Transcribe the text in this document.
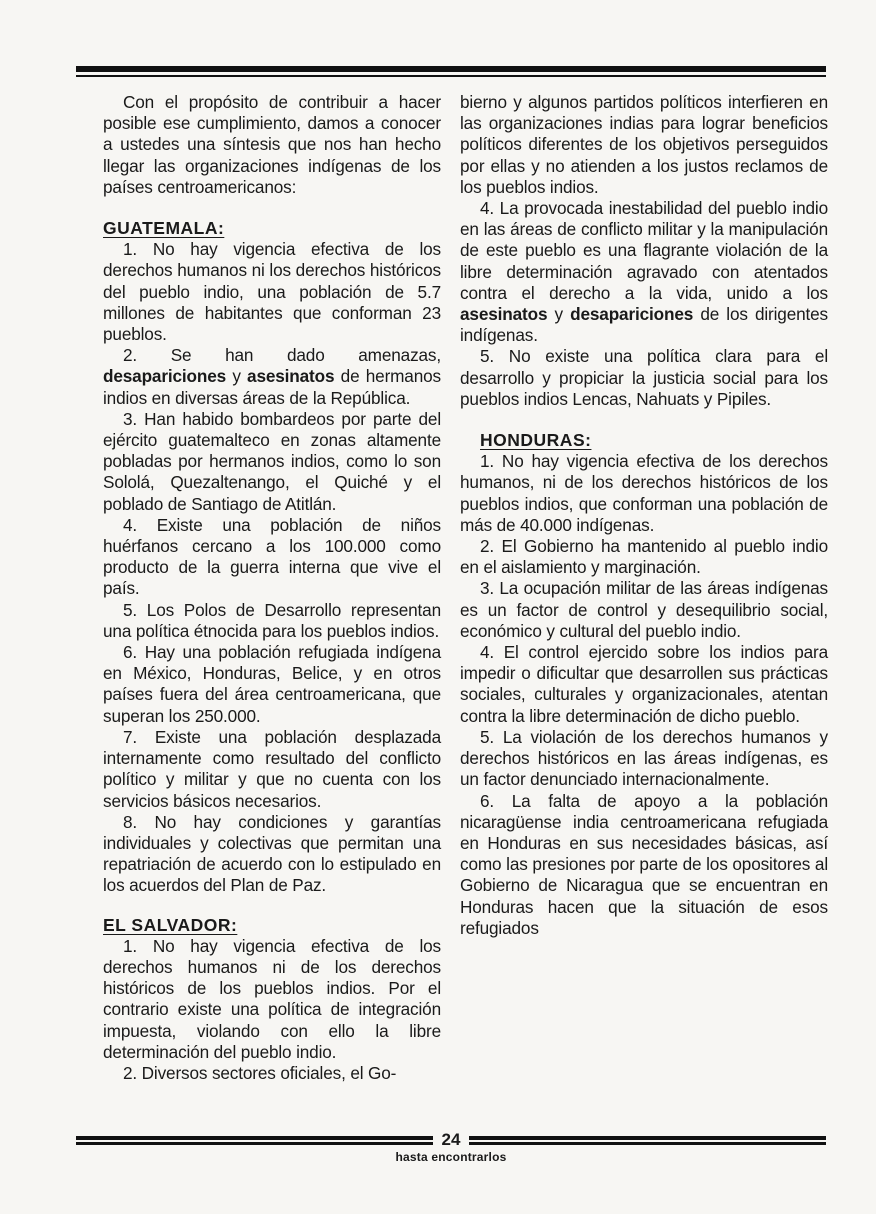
Con el propósito de contribuir a hacer posible ese cumplimiento, damos a conocer a ustedes una síntesis que nos han hecho llegar las organizaciones indígenas de los países centroamericanos:

GUATEMALA:

1. No hay vigencia efectiva de los derechos humanos ni los derechos históricos del pueblo indio, una población de 5.7 millones de habitantes que conforman 23 pueblos.

2. Se han dado amenazas, desapariciones y asesinatos de hermanos indios en diversas áreas de la República.

3. Han habido bombardeos por parte del ejército guatemalteco en zonas altamente pobladas por hermanos indios, como lo son Sololá, Quezaltenango, el Quiché y el poblado de Santiago de Atitlán.

4. Existe una población de niños huérfanos cercano a los 100.000 como producto de la guerra interna que vive el país.

5. Los Polos de Desarrollo representan una política étnocida para los pueblos indios.

6. Hay una población refugiada indígena en México, Honduras, Belice, y en otros países fuera del área centroamericana, que superan los 250.000.

7. Existe una población desplazada internamente como resultado del conflicto político y militar y que no cuenta con los servicios básicos necesarios.

8. No hay condiciones y garantías individuales y colectivas que permitan una repatriación de acuerdo con lo estipulado en los acuerdos del Plan de Paz.

EL SALVADOR:

1. No hay vigencia efectiva de los derechos humanos ni de los derechos históricos de los pueblos indios. Por el contrario existe una política de integración impuesta, violando con ello la libre determinación del pueblo indio.

2. Diversos sectores oficiales, el Go-

bierno y algunos partidos políticos interfieren en las organizaciones indias para lograr beneficios políticos diferentes de los objetivos perseguidos por ellas y no atienden a los justos reclamos de los pueblos indios.

4. La provocada inestabilidad del pueblo indio en las áreas de conflicto militar y la manipulación de este pueblo es una flagrante violación de la libre determinación agravado con atentados contra el derecho a la vida, unido a los asesinatos y desapariciones de los dirigentes indígenas.

5. No existe una política clara para el desarrollo y propiciar la justicia social para los pueblos indios Lencas, Nahuats y Pipiles.

HONDURAS:

1. No hay vigencia efectiva de los derechos humanos, ni de los derechos históricos de los pueblos indios, que conforman una población de más de 40.000 indígenas.

2. El Gobierno ha mantenido al pueblo indio en el aislamiento y marginación.

3. La ocupación militar de las áreas indígenas es un factor de control y desequilibrio social, económico y cultural del pueblo indio.

4. El control ejercido sobre los indios para impedir o dificultar que desarrollen sus prácticas sociales, culturales y organizacionales, atentan contra la libre determinación de dicho pueblo.

5. La violación de los derechos humanos y derechos históricos en las áreas indígenas, es un factor denunciado internacionalmente.

6. La falta de apoyo a la población nicaragüense india centroamericana refugiada en Honduras en sus necesidades básicas, así como las presiones por parte de los opositores al Gobierno de Nicaragua que se encuentran en Honduras hacen que la situación de esos refugiados

24
hasta encontrarlos
